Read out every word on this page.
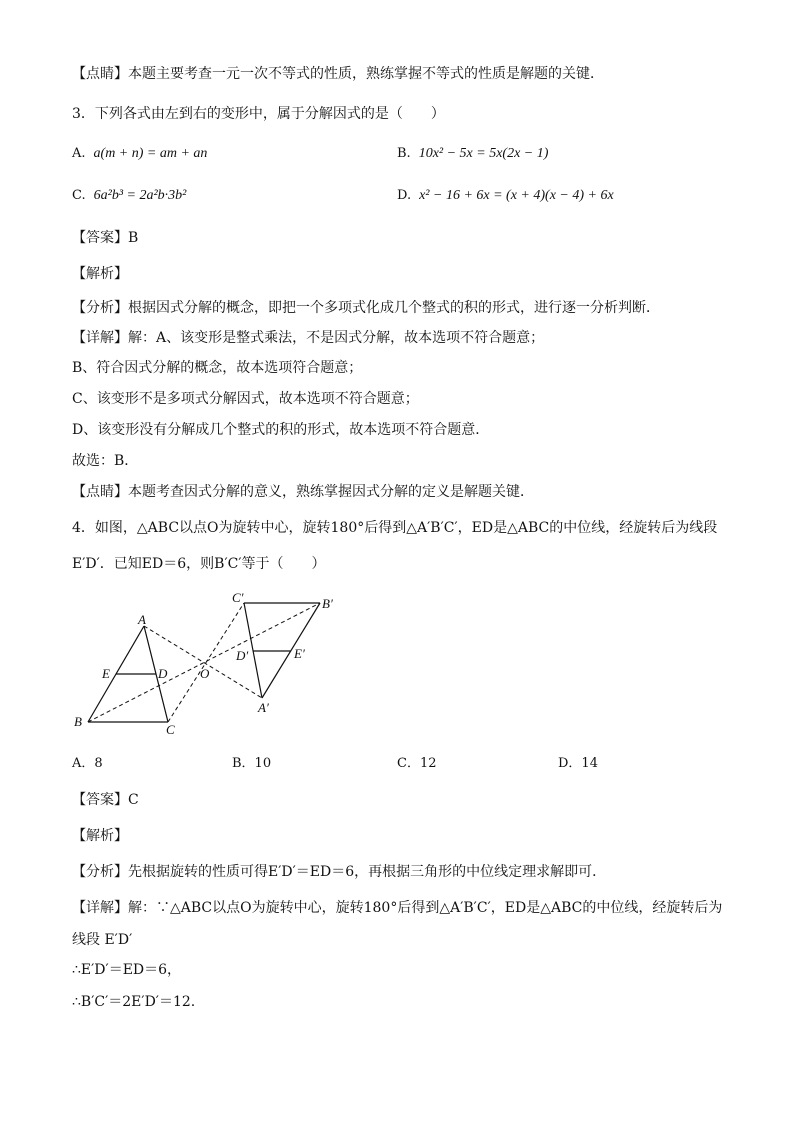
【点睛】本题主要考查一元一次不等式的性质，熟练掌握不等式的性质是解题的关键．
3．下列各式由左到右的变形中，属于分解因式的是（　　）
A. a(m + n) = am + an	B. 10x² − 5x = 5x(2x − 1)
C. 6a²b³ = 2a²b·3b²	D. x² − 16 + 6x = (x + 4)(x − 4) + 6x
【答案】B
【解析】
【分析】根据因式分解的概念，即把一个多项式化成几个整式的积的形式，进行逐一分析判断．
【详解】解：A、该变形是整式乘法，不是因式分解，故本选项不符合题意；
B、符合因式分解的概念，故本选项符合题意；
C、该变形不是多项式分解因式，故本选项不符合题意；
D、该变形没有分解成几个整式的积的形式，故本选项不符合题意．
故选：B．
【点睛】本题考查因式分解的意义，熟练掌握因式分解的定义是解题关键．
4．如图，△ABC以点O为旋转中心，旋转180°后得到△A′B′C′，ED是△ABC的中位线，经旋转后为线段
E′D′．已知ED＝6，则B′C′等于（　　）
A
B
C
D
E	O
A′
B′
C′
D′	E′
A．8	B．10	C．12	D．14
【答案】C
【解析】
【分析】先根据旋转的性质可得E′D′＝ED＝6，再根据三角形的中位线定理求解即可．
【详解】解：∵△ABC以点O为旋转中心，旋转180°后得到△A′B′C′，ED是△ABC的中位线，经旋转后为
线段 E′D′
∴E′D′＝ED＝6，
∴B′C′＝2E′D′＝12.
